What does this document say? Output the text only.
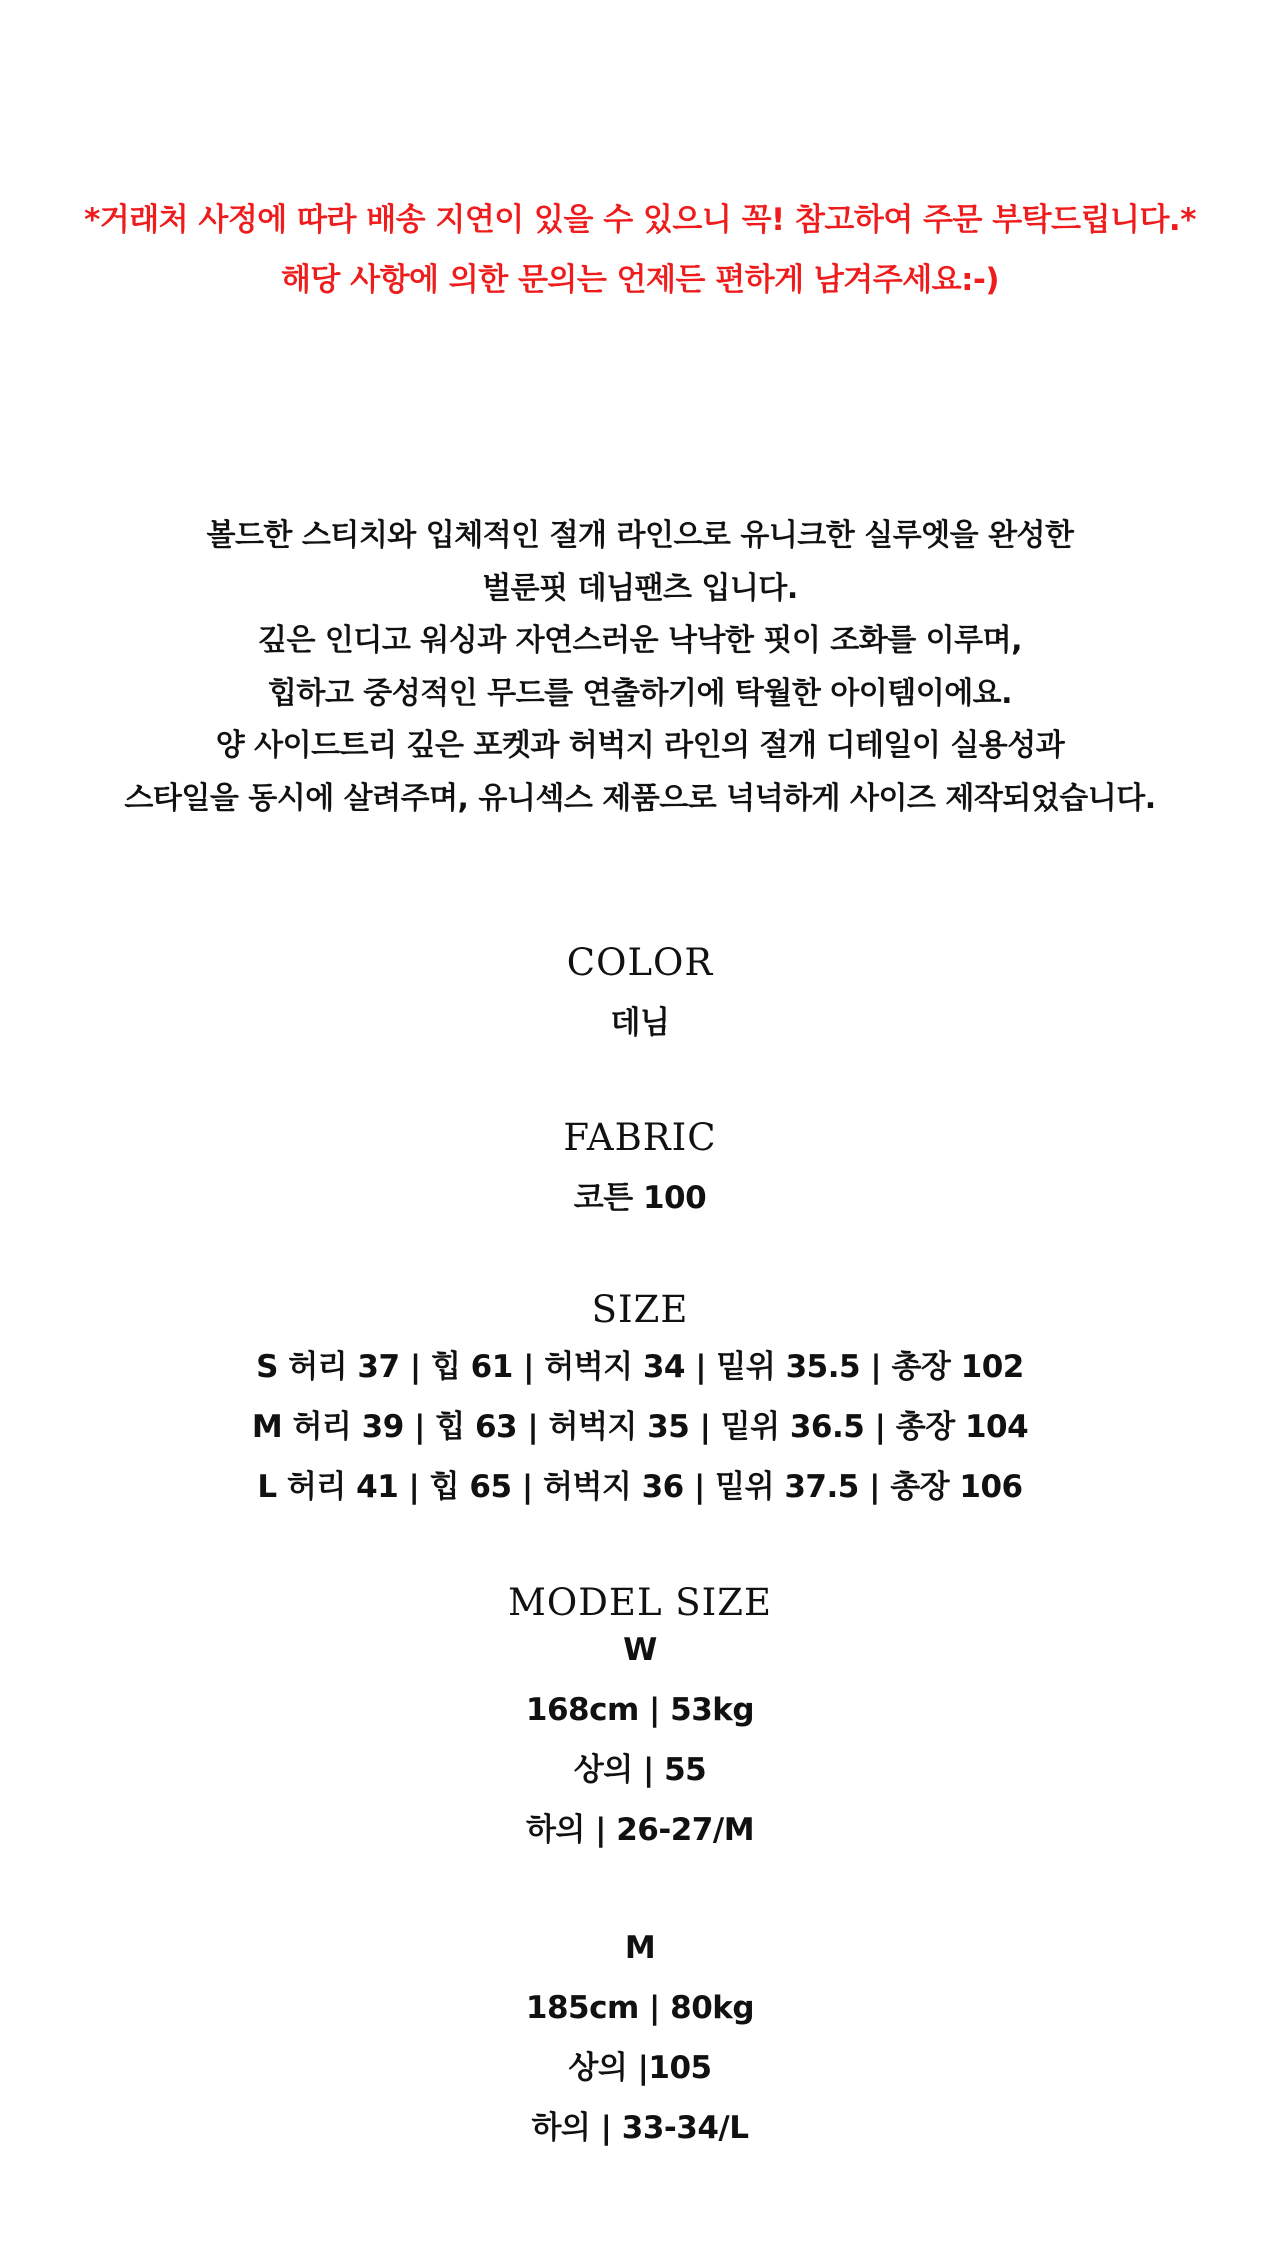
*거래처 사정에 따라 배송 지연이 있을 수 있으니 꼭! 참고하여 주문 부탁드립니다.*
해당 사항에 의한 문의는 언제든 편하게 남겨주세요:-)
볼드한 스티치와 입체적인 절개 라인으로 유니크한 실루엣을 완성한
벌룬핏 데님팬츠 입니다.
깊은 인디고 워싱과 자연스러운 낙낙한 핏이 조화를 이루며,
힙하고 중성적인 무드를 연출하기에 탁월한 아이템이에요.
양 사이드트리 깊은 포켓과 허벅지 라인의 절개 디테일이 실용성과
스타일을 동시에 살려주며, 유니섹스 제품으로 넉넉하게 사이즈 제작되었습니다.
COLOR
데님
FABRIC
코튼 100
SIZE
S 허리 37 | 힙 61 | 허벅지 34 | 밑위 35.5 | 총장 102
M 허리 39 | 힙 63 | 허벅지 35 | 밑위 36.5 | 총장 104
L 허리 41 | 힙 65 | 허벅지 36 | 밑위 37.5 | 총장 106
MODEL SIZE
W
168cm | 53kg
상의 | 55
하의 | 26-27/M
M
185cm | 80kg
상의 |105
하의 | 33-34/L
